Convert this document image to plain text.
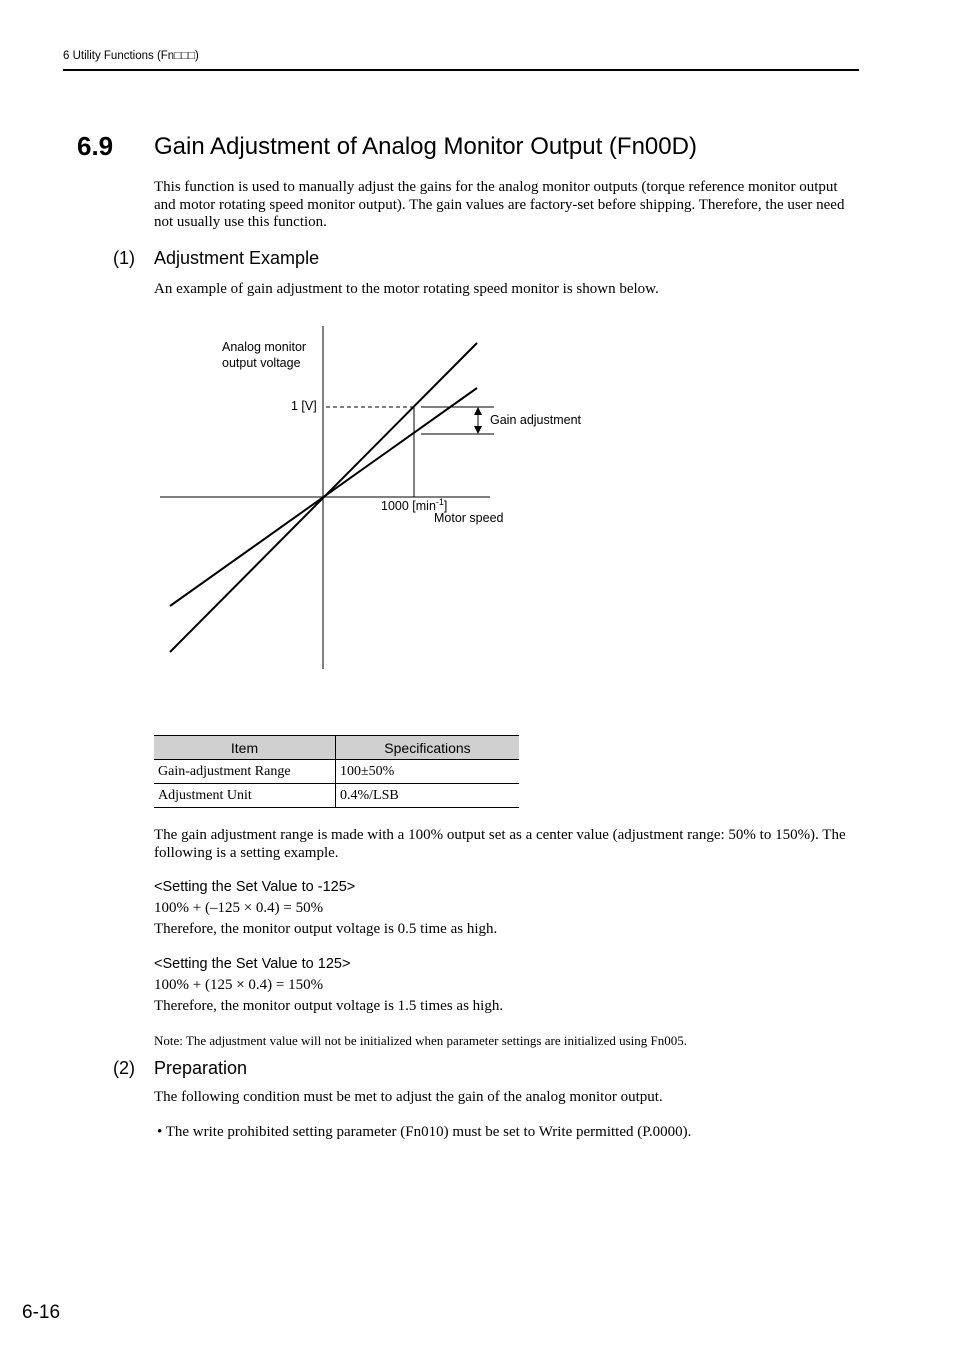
6 Utility Functions (Fn□□□)
6.9 Gain Adjustment of Analog Monitor Output (Fn00D)
This function is used to manually adjust the gains for the analog monitor outputs (torque reference monitor output and motor rotating speed monitor output). The gain values are factory-set before shipping. Therefore, the user need not usually use this function.
(1) Adjustment Example
An example of gain adjustment to the motor rotating speed monitor is shown below.
Analog monitor
output voltage
1 [V]
1000 $[\min^{-1}]$
Motor speed
Gain adjustment
Item	Specifications
Gain-adjustment Range	100±50%
Adjustment Unit	0.4%/LSB
The gain adjustment range is made with a 100% output set as a center value (adjustment range: 50% to 150%). The following is a setting example.
<Setting the Set Value to -125>
100% + (–125 × 0.4) = 50%
Therefore, the monitor output voltage is 0.5 time as high.
<Setting the Set Value to 125>
100% + (125 × 0.4) = 150%
Therefore, the monitor output voltage is 1.5 times as high.
Note: The adjustment value will not be initialized when parameter settings are initialized using Fn005.
(2) Preparation
The following condition must be met to adjust the gain of the analog monitor output.
• The write prohibited setting parameter (Fn010) must be set to Write permitted (P.0000).
6-16
